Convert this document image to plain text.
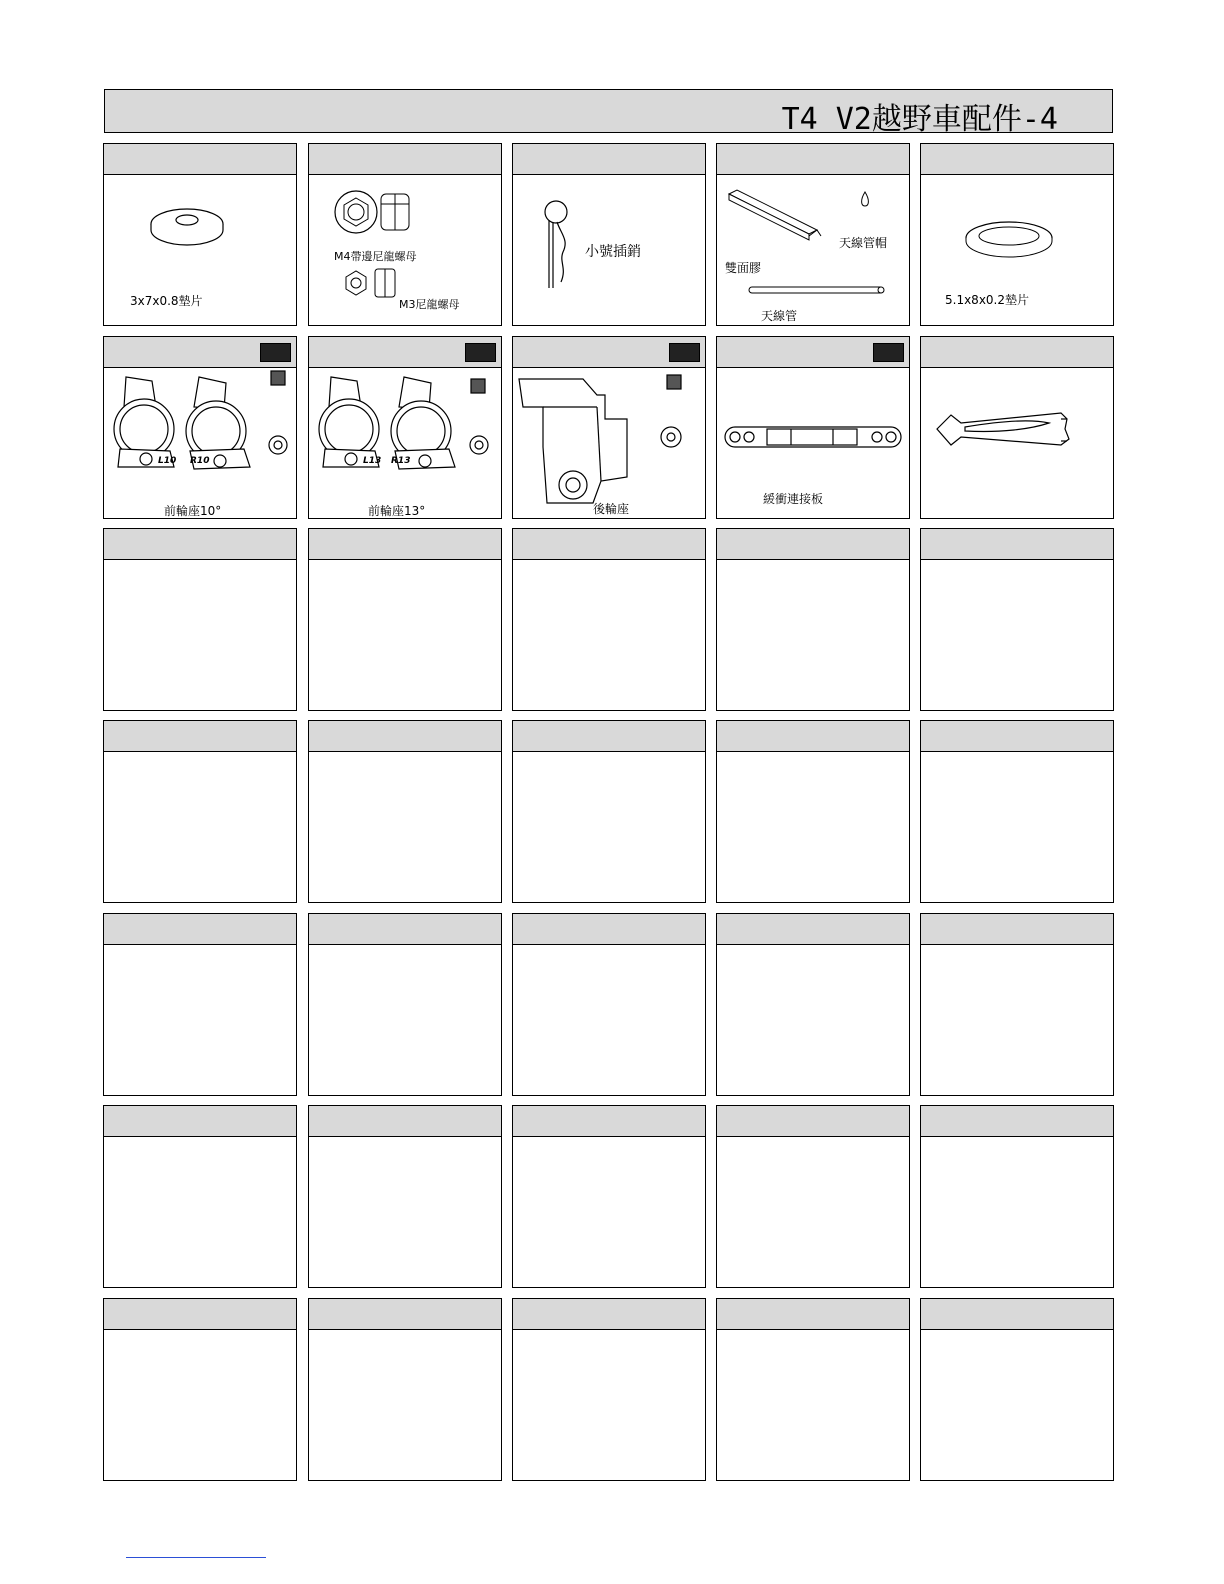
T4 V2越野車配件-4
3x7x0.8墊片
M4帶邊尼龍螺母
M3尼龍螺母
小號插銷
天線管帽
雙面膠
天線管
5.1x8x0.2墊片
L10 R10
前輪座10°
L13 R13
前輪座13°	後輪座
緩衝連接板
